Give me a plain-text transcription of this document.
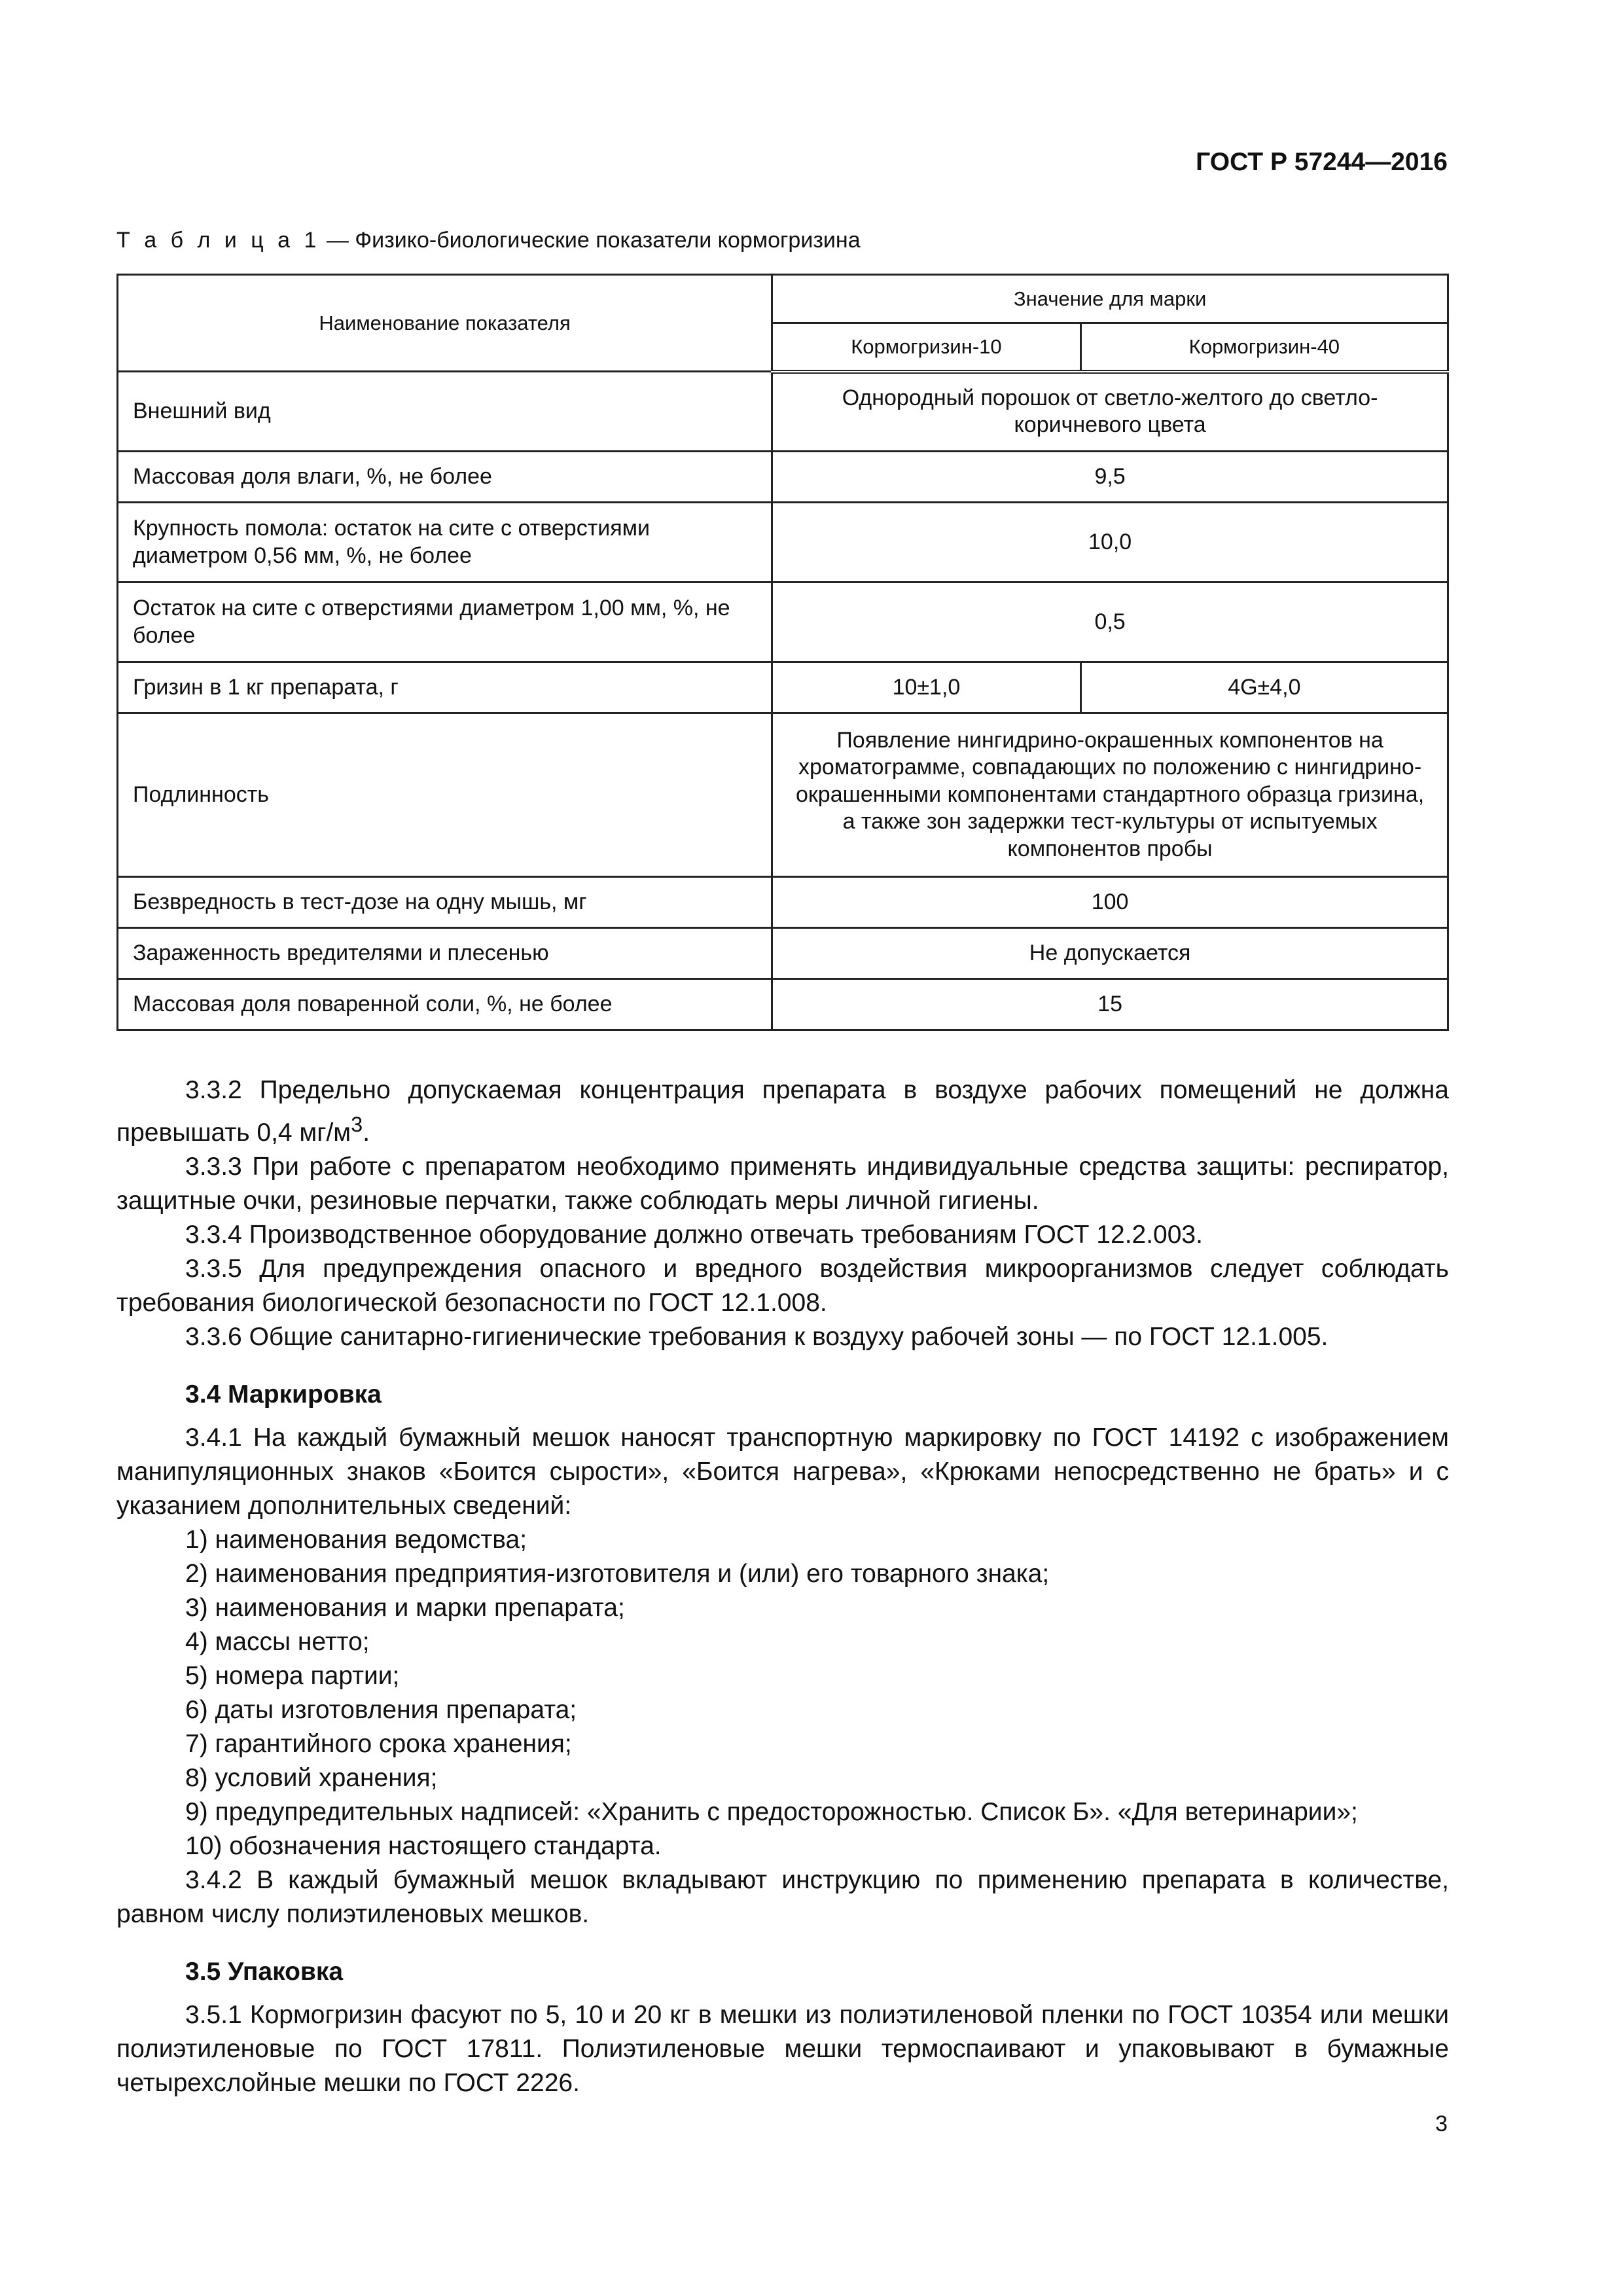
ГОСТ Р 57244—2016
Т а б л и ц а 1 — Физико-биологические показатели кормогризина
Наименование показателя	Значение для марки	
	Кормогризин-10	Кормогризин-40
Внешний вид	Однородный порошок от светло-желтого до светло-коричневого цвета	
Массовая доля влаги, %, не более	9,5	
Крупность помола: остаток на сите с отверстиями диаметром 0,56 мм, %, не более	10,0	
Остаток на сите с отверстиями диаметром 1,00 мм, %, не более	0,5	
Гризин в 1 кг препарата, г	10±1,0	4G±4,0
Подлинность	Появление нингидрино-окрашенных компонентов на хроматограмме, совпадающих по положению с нингидрино-окрашенными компонентами стандартного образца гризина, а также зон задержки тест-культуры от испытуемых компонентов пробы	
Безвредность в тест-дозе на одну мышь, мг	100	
Зараженность вредителями и плесенью	Не допускается	
Массовая доля поваренной соли, %, не более	15	

3.3.2 Предельно допускаемая концентрация препарата в воздухе рабочих помещений не должна превышать 0,4 $мг/м^3$.

3.3.3 При работе с препаратом необходимо применять индивидуальные средства защиты: респиратор, защитные очки, резиновые перчатки, также соблюдать меры личной гигиены.

3.3.4 Производственное оборудование должно отвечать требованиям ГОСТ 12.2.003.

3.3.5 Для предупреждения опасного и вредного воздействия микроорганизмов следует соблюдать требования биологической безопасности по ГОСТ 12.1.008.

3.3.6 Общие санитарно-гигиенические требования к воздуху рабочей зоны — по ГОСТ 12.1.005.

3.4 Маркировка

3.4.1 На каждый бумажный мешок наносят транспортную маркировку по ГОСТ 14192 с изображением манипуляционных знаков «Боится сырости», «Боится нагрева», «Крюками непосредственно не брать» и с указанием дополнительных сведений:

1) наименования ведомства;
2) наименования предприятия-изготовителя и (или) его товарного знака;
3) наименования и марки препарата;
4) массы нетто;
5) номера партии;
6) даты изготовления препарата;
7) гарантийного срока хранения;
8) условий хранения;
9) предупредительных надписей: «Хранить с предосторожностью. Список Б». «Для ветеринарии»;
10) обозначения настоящего стандарта.

3.4.2 В каждый бумажный мешок вкладывают инструкцию по применению препарата в количестве, равном числу полиэтиленовых мешков.

3.5 Упаковка

3.5.1 Кормогризин фасуют по 5, 10 и 20 кг в мешки из полиэтиленовой пленки по ГОСТ 10354 или мешки полиэтиленовые по ГОСТ 17811. Полиэтиленовые мешки термоспаивают и упаковывают в бумажные четырехслойные мешки по ГОСТ 2226.

3
